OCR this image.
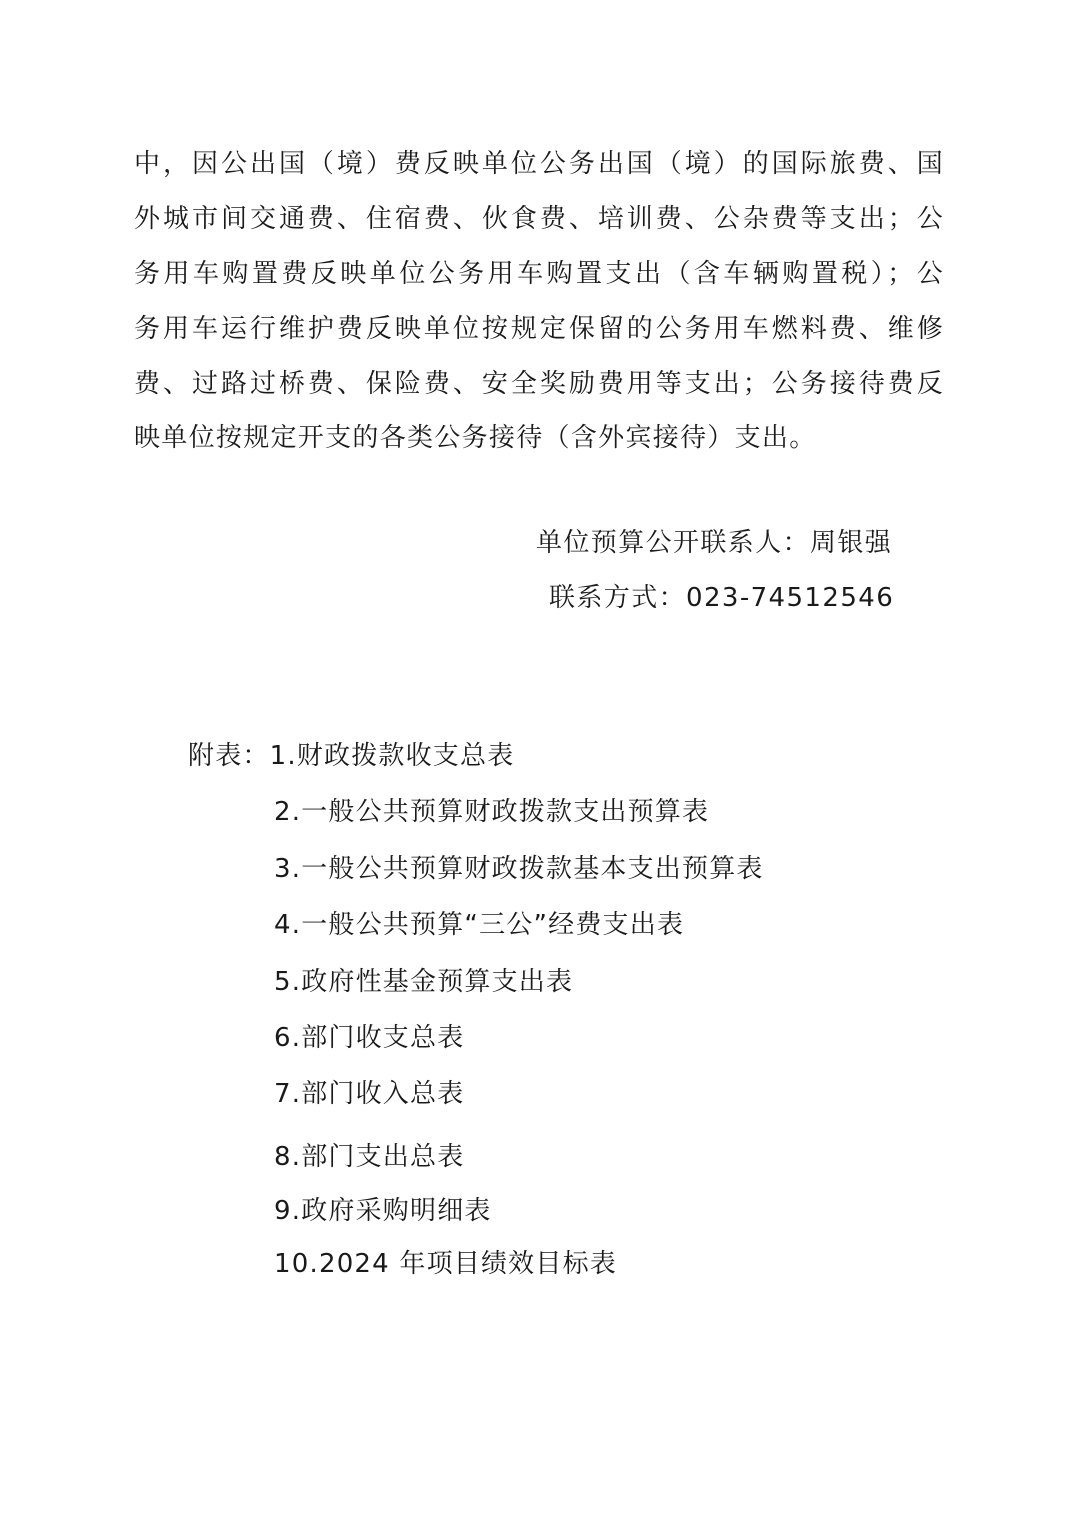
中，因公出国（境）费反映单位公务出国（境）的国际旅费、国
外城市间交通费、住宿费、伙食费、培训费、公杂费等支出；公
务用车购置费反映单位公务用车购置支出（含车辆购置税）；公
务用车运行维护费反映单位按规定保留的公务用车燃料费、维修
费、过路过桥费、保险费、安全奖励费用等支出；公务接待费反
映单位按规定开支的各类公务接待（含外宾接待）支出。
单位预算公开联系人：周银强
联系方式：023-74512546
附表：1.财政拨款收支总表
2.一般公共预算财政拨款支出预算表
3.一般公共预算财政拨款基本支出预算表
4.一般公共预算“三公”经费支出表
5.政府性基金预算支出表
6.部门收支总表
7.部门收入总表
8.部门支出总表
9.政府采购明细表
10.2024 年项目绩效目标表
